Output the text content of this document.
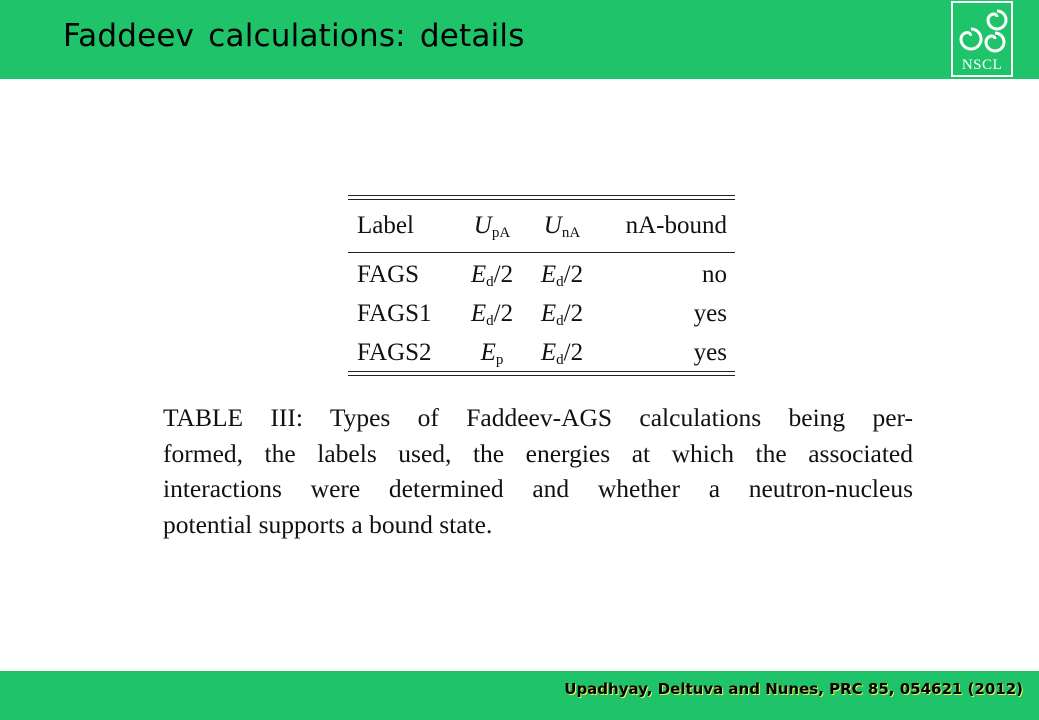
Faddeev calculations: details
NSCL
Label	$U_{pA}$	$U_{nA}$	nA-bound
FAGS	$E_d/2$	$E_d/2$	no
FAGS1	$E_d/2$	$E_d/2$	yes
FAGS2	$E_p$	$E_d/2$	yes
TABLE III: Types of Faddeev-AGS calculations being per-
formed, the labels used, the energies at which the associated
interactions were determined and whether a neutron-nucleus
potential supports a bound state.
Upadhyay, Deltuva and Nunes, PRC 85, 054621 (2012)
